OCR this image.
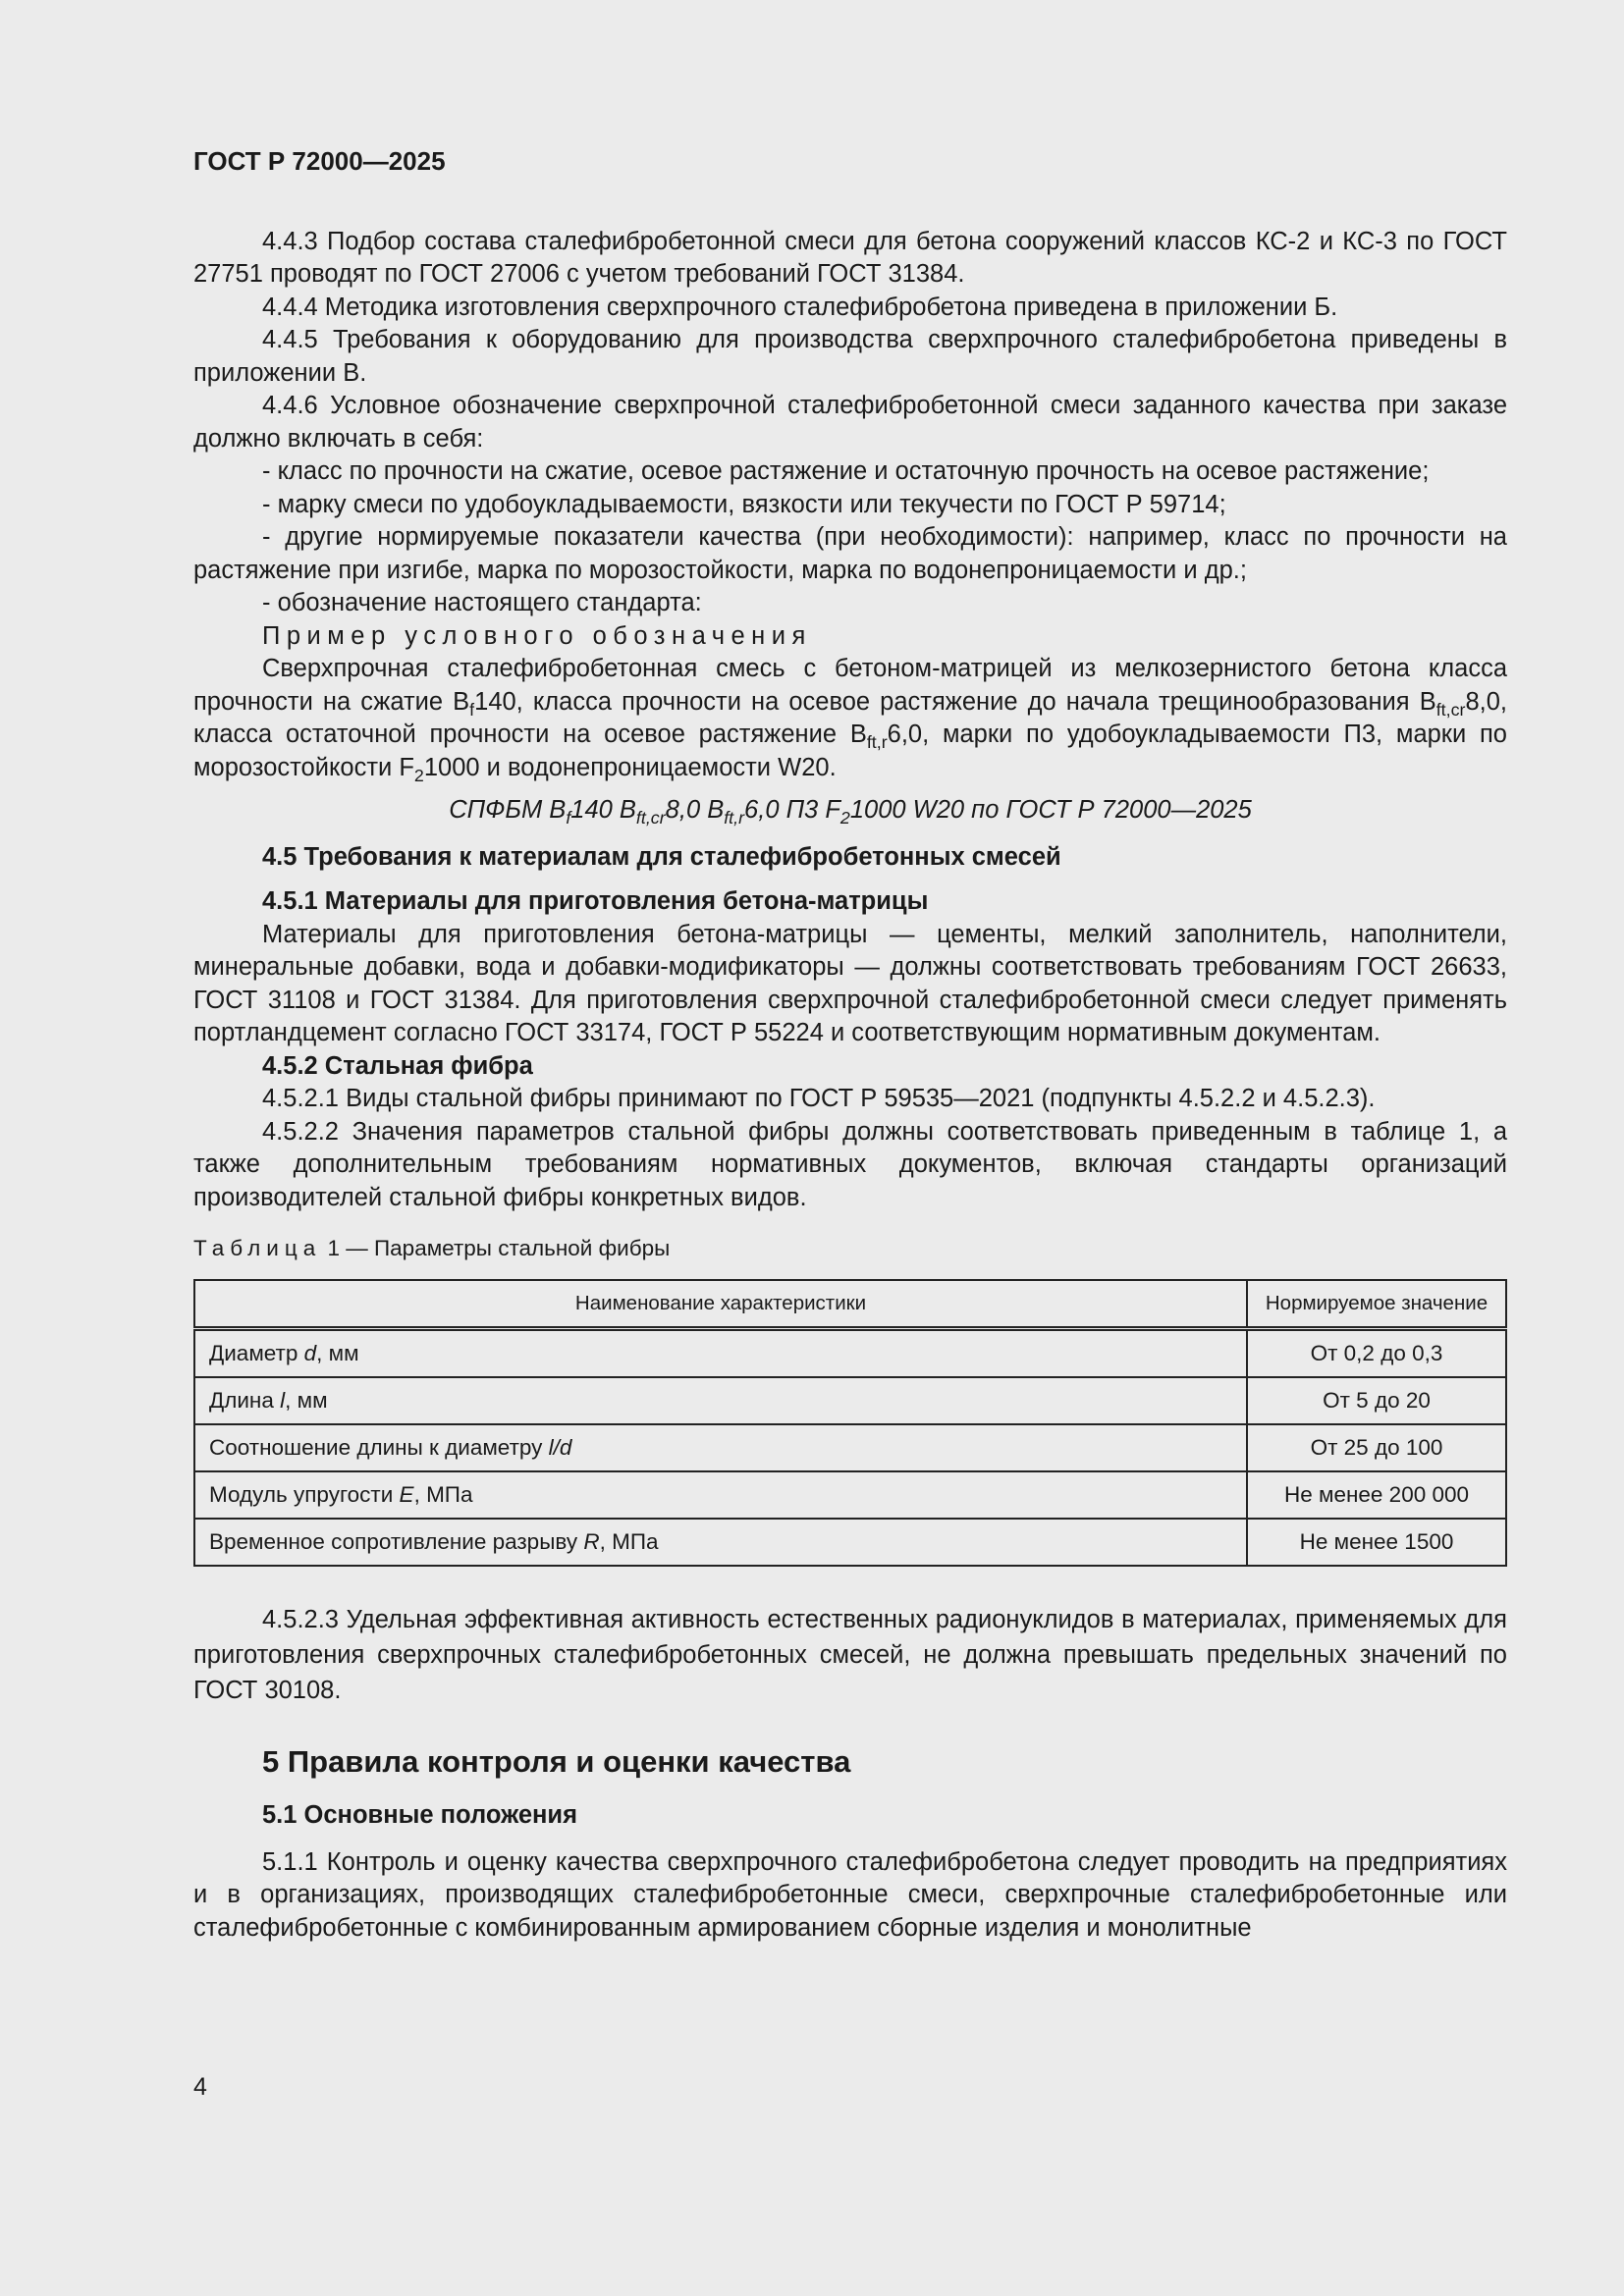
ГОСТ Р 72000—2025

4.4.3 Подбор состава сталефибробетонной смеси для бетона сооружений классов КС-2 и КС-3 по ГОСТ 27751 проводят по ГОСТ 27006 с учетом требований ГОСТ 31384.

4.4.4 Методика изготовления сверхпрочного сталефибробетона приведена в приложении Б.

4.4.5 Требования к оборудованию для производства сверхпрочного сталефибробетона приведены в приложении В.

4.4.6 Условное обозначение сверхпрочной сталефибробетонной смеси заданного качества при заказе должно включать в себя:

- класс по прочности на сжатие, осевое растяжение и остаточную прочность на осевое растяжение;

- марку смеси по удобоукладываемости, вязкости или текучести по ГОСТ Р 59714;

- другие нормируемые показатели качества (при необходимости): например, класс по прочности на растяжение при изгибе, марка по морозостойкости, марка по водонепроницаемости и др.;

- обозначение настоящего стандарта:

Пример условного обозначения

Сверхпрочная сталефибробетонная смесь с бетоном-матрицей из мелкозернистого бетона класса прочности на сжатие $B_f140$, класса прочности на осевое растяжение до начала трещинообразования $B_{ft,cr}8,0$, класса остаточной прочности на осевое растяжение $B_{ft,r}6,0$, марки по удобоукладываемости П3, марки по морозостойкости $F_21000$ и водонепроницаемости W20.

СПФБМ $B_f140$ $B_{ft,cr}8,0$ $B_{ft,r}6,0$ П3 $F_21000$ W20 по ГОСТ Р 72000—2025

4.5 Требования к материалам для сталефибробетонных смесей
4.5.1 Материалы для приготовления бетона-матрицы

Материалы для приготовления бетона-матрицы — цементы, мелкий заполнитель, наполнители, минеральные добавки, вода и добавки-модификаторы — должны соответствовать требованиям ГОСТ 26633, ГОСТ 31108 и ГОСТ 31384. Для приготовления сверхпрочной сталефибробетонной смеси следует применять портландцемент согласно ГОСТ 33174, ГОСТ Р 55224 и соответствующим нормативным документам.

4.5.2 Стальная фибра

4.5.2.1 Виды стальной фибры принимают по ГОСТ Р 59535—2021 (подпункты 4.5.2.2 и 4.5.2.3).

4.5.2.2 Значения параметров стальной фибры должны соответствовать приведенным в таблице 1, а также дополнительным требованиям нормативных документов, включая стандарты организаций производителей стальной фибры конкретных видов.

Таблица 1 — Параметры стальной фибры
Наименование характеристики	Нормируемое значение
Диаметр d, мм	От 0,2 до 0,3
Длина l, мм	От 5 до 20
Соотношение длины к диаметру l/d	От 25 до 100
Модуль упругости E, МПа	Не менее 200 000
Временное сопротивление разрыву R, МПа	Не менее 1500

4.5.2.3 Удельная эффективная активность естественных радионуклидов в материалах, применяемых для приготовления сверхпрочных сталефибробетонных смесей, не должна превышать предельных значений по ГОСТ 30108.

5 Правила контроля и оценки качества
5.1 Основные положения

5.1.1 Контроль и оценку качества сверхпрочного сталефибробетона следует проводить на предприятиях и в организациях, производящих сталефибробетонные смеси, сверхпрочные сталефибробетонные или сталефибробетонные с комбинированным армированием сборные изделия и монолитные

4
